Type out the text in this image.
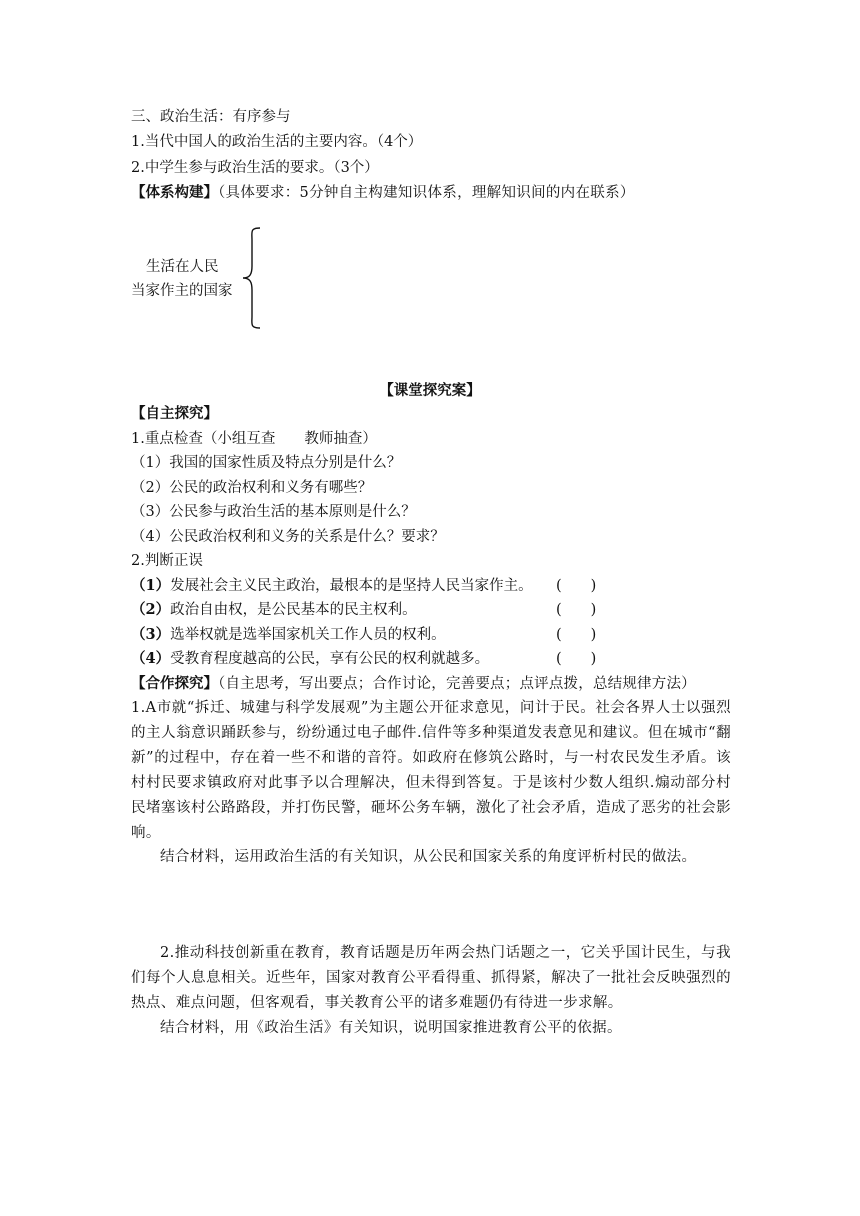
三、政治生活：有序参与
1.当代中国人的政治生活的主要内容。（4个）
2.中学生参与政治生活的要求。（3个）
【体系构建】（具体要求：5分钟自主构建知识体系，理解知识间的内在联系）
生活在人民
当家作主的国家
【课堂探究案】
【自主探究】
1.重点检查（小组互查　　教师抽查）
（1）我国的国家性质及特点分别是什么？
（2）公民的政治权利和义务有哪些？
（3）公民参与政治生活的基本原则是什么？
（4）公民政治权利和义务的关系是什么？要求？
2.判断正误
（1）发展社会主义民主政治，最根本的是坚持人民当家作主。 (　　)
（2）政治自由权，是公民基本的民主权利。	(　　)
（3）选举权就是选举国家机关工作人员的权利。	(　　)
（4）受教育程度越高的公民，享有公民的权利就越多。	(　　)
【合作探究】（自主思考，写出要点；合作讨论，完善要点；点评点拨，总结规律方法）
1.A市就“拆迁、城建与科学发展观”为主题公开征求意见，问计于民。社会各界人士以强烈的主人翁意识踊跃参与，纷纷通过电子邮件.信件等多种渠道发表意见和建议。但在城市“翻新”的过程中，存在着一些不和谐的音符。如政府在修筑公路时，与一村农民发生矛盾。该村村民要求镇政府对此事予以合理解决，但未得到答复。于是该村少数人组织.煽动部分村民堵塞该村公路路段，并打伤民警，砸坏公务车辆，激化了社会矛盾，造成了恶劣的社会影响。
结合材料，运用政治生活的有关知识，从公民和国家关系的角度评析村民的做法。
2.推动科技创新重在教育，教育话题是历年两会热门话题之一，它关乎国计民生，与我们每个人息息相关。近些年，国家对教育公平看得重、抓得紧，解决了一批社会反映强烈的热点、难点问题，但客观看，事关教育公平的诸多难题仍有待进一步求解。
结合材料，用《政治生活》有关知识，说明国家推进教育公平的依据。
